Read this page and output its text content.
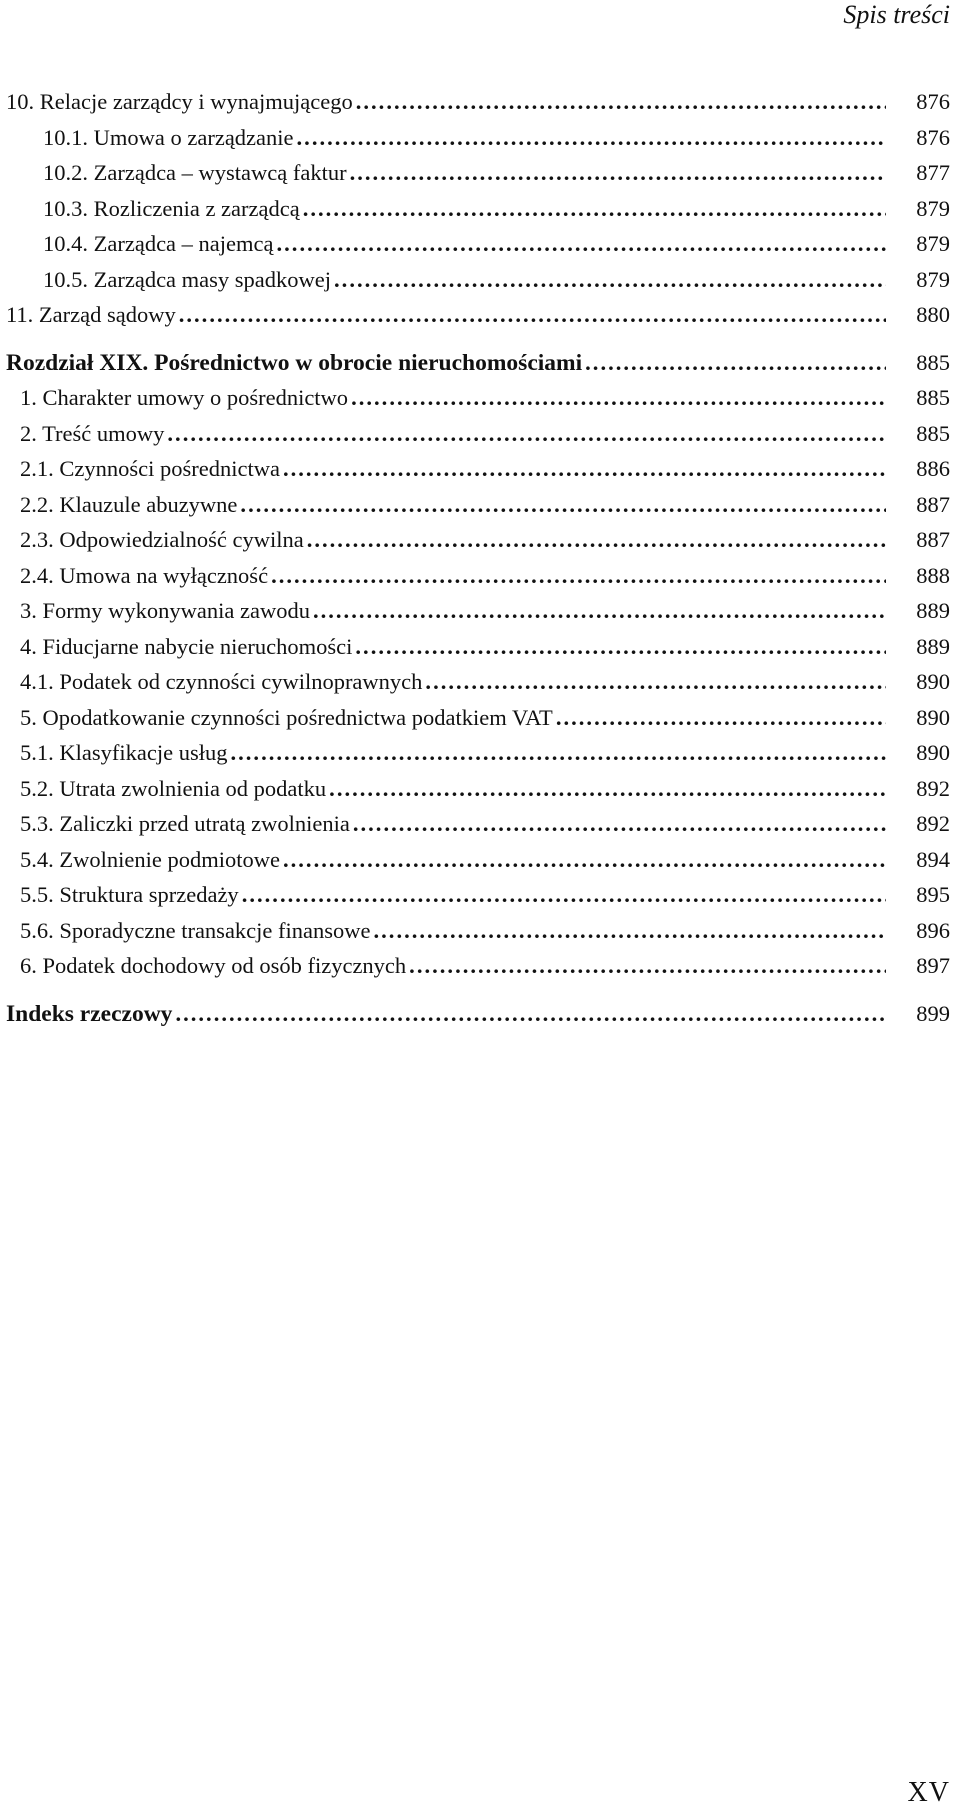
Spis treści
10. Relacje zarządcy i wynajmującego . . .	876
10.1. Umowa o zarządzanie . . .	876
10.2. Zarządca – wystawcą faktur . . .	877
10.3. Rozliczenia z zarządcą . . .	879
10.4. Zarządca – najemcą . . .	879
10.5. Zarządca masy spadkowej . . .	879
11. Zarząd sądowy . . .	880
Rozdział XIX. Pośrednictwo w obrocie nieruchomościami . . .	885
1. Charakter umowy o pośrednictwo . . .	885
2. Treść umowy . . .	885
2.1. Czynności pośrednictwa . . .	886
2.2. Klauzule abuzywne . . .	887
2.3. Odpowiedzialność cywilna . . .	887
2.4. Umowa na wyłączność . . .	888
3. Formy wykonywania zawodu . . .	889
4. Fiducjarne nabycie nieruchomości . . .	889
4.1. Podatek od czynności cywilnoprawnych . . .	890
5. Opodatkowanie czynności pośrednictwa podatkiem VAT . . .	890
5.1. Klasyfikacje usług . . .	890
5.2. Utrata zwolnienia od podatku . . .	892
5.3. Zaliczki przed utratą zwolnienia . . .	892
5.4. Zwolnienie podmiotowe . . .	894
5.5. Struktura sprzedaży . . .	895
5.6. Sporadyczne transakcje finansowe . . .	896
6. Podatek dochodowy od osób fizycznych . . .	897
Indeks rzeczowy . . .	899
XV
